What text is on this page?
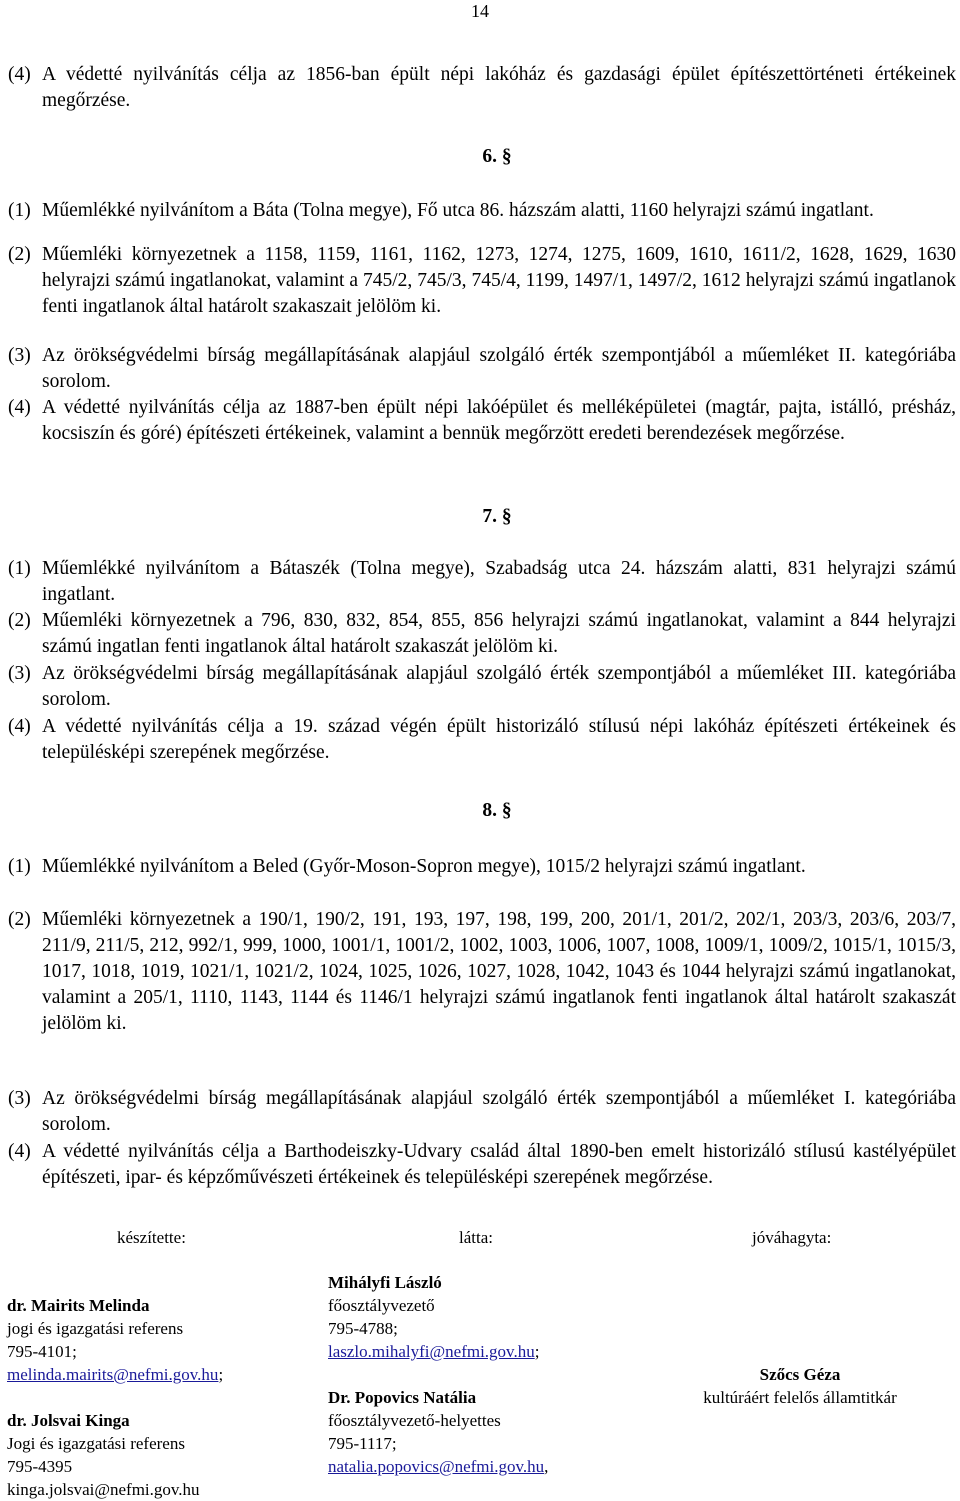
14
(4) A védetté nyilvánítás célja az 1856-ban épült népi lakóház és gazdasági épület építészettörténeti értékeinek megőrzése.
6. §
(1) Műemlékké nyilvánítom a Báta (Tolna megye), Fő utca 86. házszám alatti, 1160 helyrajzi számú ingatlant.
(2) Műemléki környezetnek a 1158, 1159, 1161, 1162, 1273, 1274, 1275, 1609, 1610, 1611/2, 1628, 1629, 1630 helyrajzi számú ingatlanokat, valamint a 745/2, 745/3, 745/4, 1199, 1497/1, 1497/2, 1612 helyrajzi számú ingatlanok fenti ingatlanok által határolt szakaszait jelölöm ki.
(3) Az örökségvédelmi bírság megállapításának alapjául szolgáló érték szempontjából a műemléket II. kategóriába sorolom.
(4) A védetté nyilvánítás célja az 1887-ben épült népi lakóépület és melléképületei (magtár, pajta, istálló, présház, kocsiszín és góré) építészeti értékeinek, valamint a bennük megőrzött eredeti berendezések megőrzése.
7. §
(1) Műemlékké nyilvánítom a Bátaszék (Tolna megye), Szabadság utca 24. házszám alatti, 831 helyrajzi számú ingatlant.
(2) Műemléki környezetnek a 796, 830, 832, 854, 855, 856 helyrajzi számú ingatlanokat, valamint a 844 helyrajzi számú ingatlan fenti ingatlanok által határolt szakaszát jelölöm ki.
(3) Az örökségvédelmi bírság megállapításának alapjául szolgáló érték szempontjából a műemléket III. kategóriába sorolom.
(4) A védetté nyilvánítás célja a 19. század végén épült historizáló stílusú népi lakóház építészeti értékeinek és településképi szerepének megőrzése.
8. §
(1) Műemlékké nyilvánítom a Beled (Győr-Moson-Sopron megye), 1015/2 helyrajzi számú ingatlant.
(2) Műemléki környezetnek a 190/1, 190/2, 191, 193, 197, 198, 199, 200, 201/1, 201/2, 202/1, 203/3, 203/6, 203/7, 211/9, 211/5, 212, 992/1, 999, 1000, 1001/1, 1001/2, 1002, 1003, 1006, 1007, 1008, 1009/1, 1009/2, 1015/1, 1015/3, 1017, 1018, 1019, 1021/1, 1021/2, 1024, 1025, 1026, 1027, 1028, 1042, 1043 és 1044 helyrajzi számú ingatlanokat, valamint a 205/1, 1110, 1143, 1144 és 1146/1 helyrajzi számú ingatlanok fenti ingatlanok által határolt szakaszát jelölöm ki.
(3) Az örökségvédelmi bírság megállapításának alapjául szolgáló érték szempontjából a műemléket I. kategóriába sorolom.
(4) A védetté nyilvánítás célja a Barthodeiszky-Udvary család által 1890-ben emelt historizáló stílusú kastélyépület építészeti, ipar- és képzőművészeti értékeinek és településképi szerepének megőrzése.
készítette:	látta:	jóváhagyta:
dr. Mairits Melinda
jogi és igazgatási referens
795-4101;
melinda.mairits@nefmi.gov.hu;
dr. Jolsvai Kinga
Jogi és igazgatási referens
795-4395
kinga.jolsvai@nefmi.gov.hu
Mihályfi László
főosztályvezető
795-4788;
laszlo.mihalyfi@nefmi.gov.hu;
Dr. Popovics Natália
főosztályvezető-helyettes
795-1117;
natalia.popovics@nefmi.gov.hu,
Szőcs Géza
kultúráért felelős államtitkár
